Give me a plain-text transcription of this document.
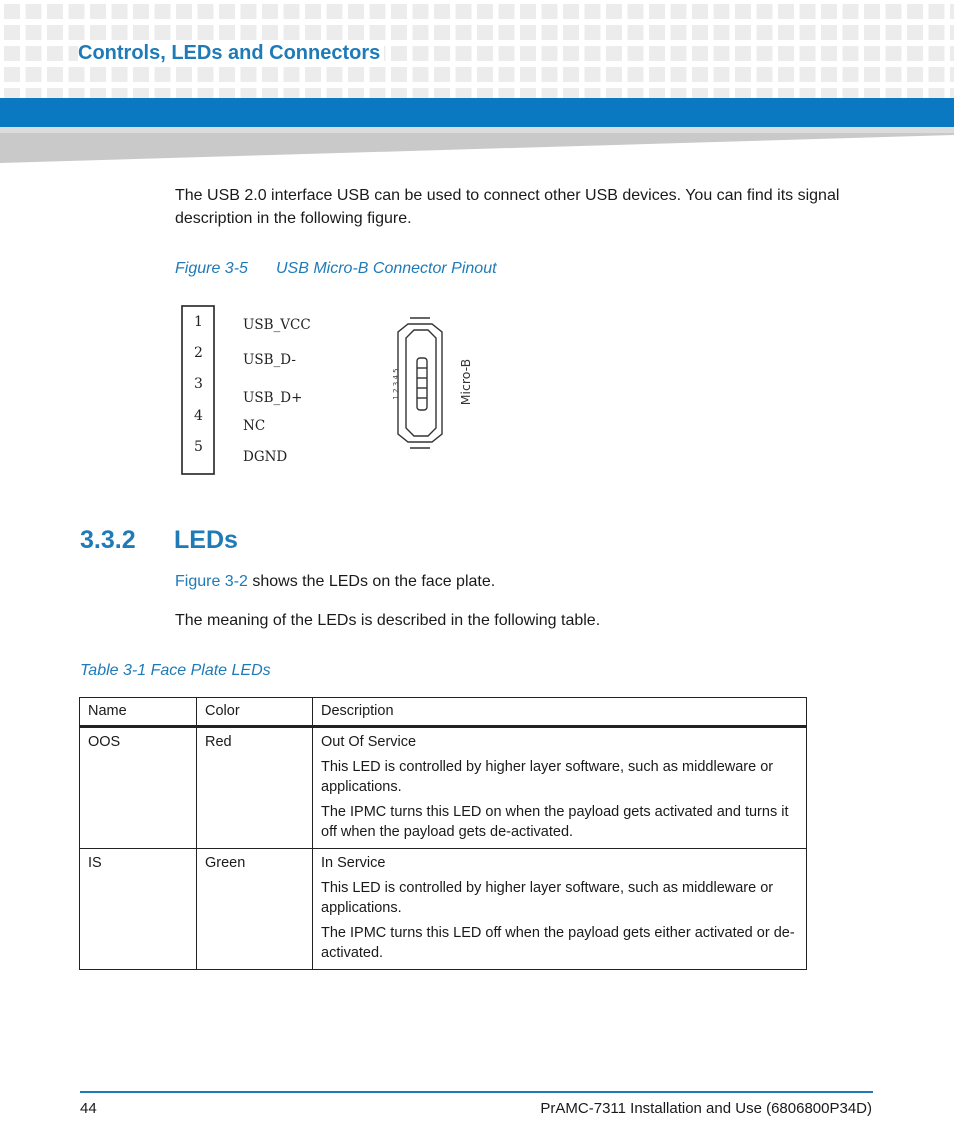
Controls, LEDs and Connectors

The USB 2.0 interface USB can be used to connect other USB devices. You can find its signal description in the following figure.

Figure 3-5 USB Micro-B Connector Pinout

1
2
3
4
5
USB_VCC
USB_D-
USB_D+
NC
DGND
1 2 3 4 5	Micro-B
3.3.2 LEDs

Figure 3-2 shows the LEDs on the face plate.

The meaning of the LEDs is described in the following table.

Table 3-1 Face Plate LEDs

Name	Color	Description
OOS	Red	Out Of Service

This LED is controlled by higher layer software, such as middleware or applications.

The IPMC turns this LED on when the payload gets activated and turns it off when the payload gets de-activated.

IS	Green	In Service

This LED is controlled by higher layer software, such as middleware or applications.

The IPMC turns this LED off when the payload gets either activated or de-activated.

44	PrAMC-7311 Installation and Use (6806800P34D)
